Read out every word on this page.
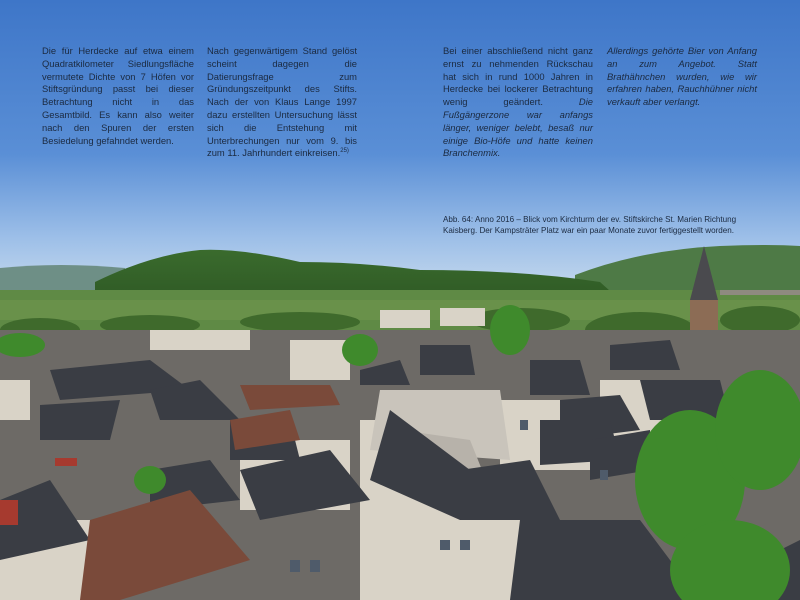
Die für Herdecke auf etwa einem Quadratkilometer Siedlungsfläche vermutete Dichte von 7 Höfen vor Stiftsgründung passt bei dieser Betrachtung nicht in das Gesamtbild. Es kann also weiter nach den Spuren der ersten Besiedelung gefahndet werden.

Nach gegenwärtigem Stand gelöst scheint dagegen die Datierungsfrage zum Gründungszeitpunkt des Stifts. Nach der von Klaus Lange 1997 dazu erstellten Untersuchung lässt sich die Entstehung mit Unterbrechungen nur vom 9. bis zum 11. Jahrhundert einkreisen.$^{25)}$

Bei einer abschließend nicht ganz ernst zu nehmenden Rückschau hat sich in rund 1000 Jahren in Herdecke bei lockerer Betrachtung wenig geändert.	Die Fußgängerzone war anfangs länger, weniger belebt, besaß nur einige Bio-Höfe und hatte keinen Branchenmix.

Allerdings gehörte Bier von Anfang an zum Angebot. Statt Brathähnchen wurden, wie wir erfahren haben, Rauchhühner nicht verkauft aber verlangt.

Abb. 64: Anno 2016 – Blick vom Kirchturm der ev. Stiftskirche St. Marien Richtung Kaisberg. Der Kampsträter Platz war ein paar Monate zuvor fertiggestellt worden.
